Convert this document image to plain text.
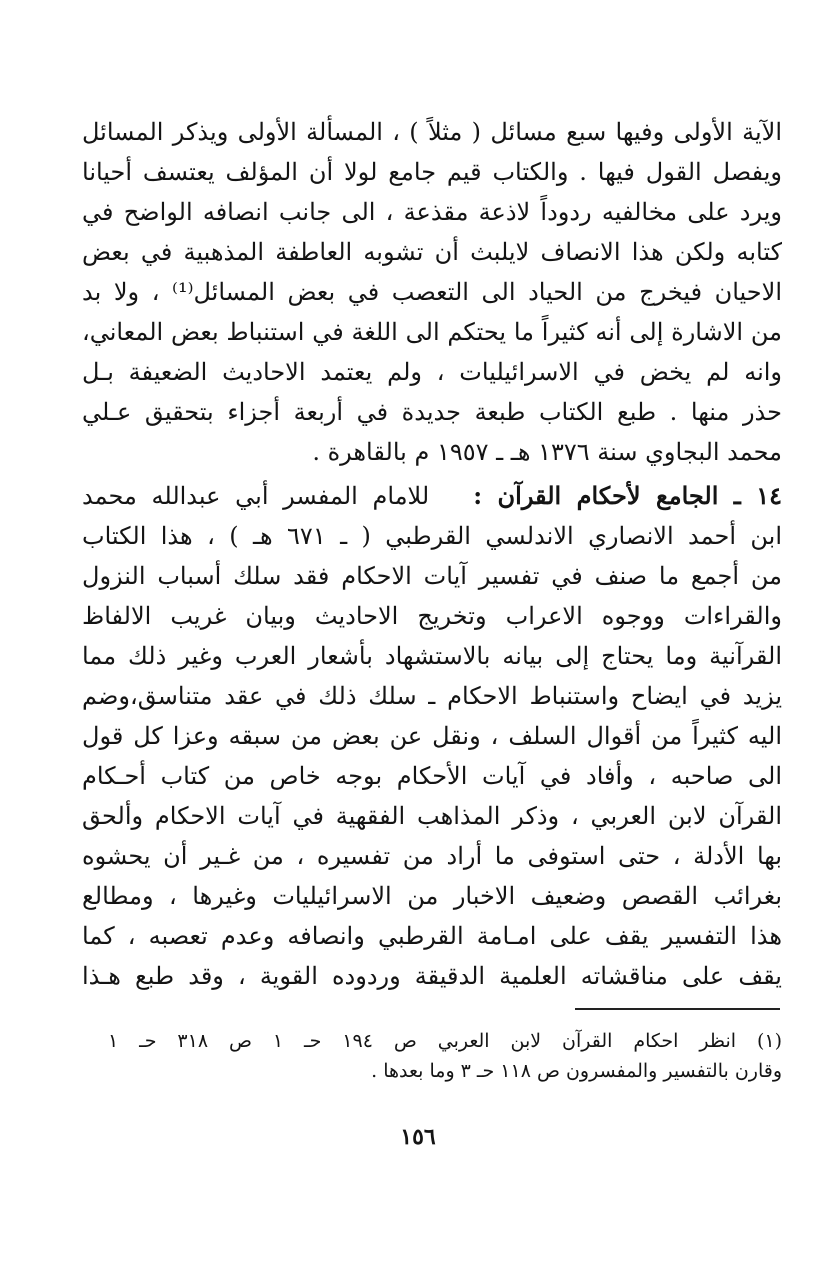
الآية الأولى وفيها سبع مسائل ( مثلاً ) ، المسألة الأولى ويذكر المسائل
ويفصل القول فيها . والكتاب قيم جامع لولا أن المؤلف يعتسف أحيانا
ويرد على مخالفيه ردوداً لاذعة مقذعة ، الى جانب انصافه الواضح في
كتابه ولكن هذا الانصاف لايلبث أن تشوبه العاطفة المذهبية في بعض
الاحيان فيخرج من الحياد الى التعصب في بعض المسائل⁽¹⁾ ، ولا بد
من الاشارة إلى أنه كثيراً ما يحتكم الى اللغة في استنباط بعض المعاني،
وانه لم يخض في الاسرائيليات ، ولم يعتمد الاحاديث الضعيفة بـل
حذر منها . طبع الكتاب طبعة جديدة في أربعة أجزاء بتحقيق عـلي
محمد البجاوي سنة ١٣٧٦ هـ ـ ١٩٥٧ م بالقاهرة .
١٤ ـ الجامع لأحكام القرآن :   للامام المفسر أبي عبدالله محمد
ابن أحمد الانصاري الاندلسي القرطبي ( ـ ٦٧١ هـ ) ، هذا الكتاب
من أجمع ما صنف في تفسير آيات الاحكام فقد سلك أسباب النزول
والقراءات ووجوه الاعراب وتخريج الاحاديث وبيان غريب الالفاظ
القرآنية وما يحتاج إلى بيانه بالاستشهاد بأشعار العرب وغير ذلك مما
يزيد في ايضاح واستنباط الاحكام ـ سلك ذلك في عقد متناسق،وضم
اليه كثيراً من أقوال السلف ، ونقل عن بعض من سبقه وعزا كل قول
الى صاحبه ، وأفاد في آيات الأحكام بوجه خاص من كتاب أحـكام
القرآن لابن العربي ، وذكر المذاهب الفقهية في آيات الاحكام وألحق
بها الأدلة ، حتى استوفى ما أراد من تفسيره ، من غـير أن يحشوه
بغرائب القصص وضعيف الاخبار من الاسرائيليات وغيرها ، ومطالع
هذا التفسير يقف على امـامة القرطبي وانصافه وعدم تعصبه ، كما
يقف على مناقشاته العلمية الدقيقة وردوده القوية ، وقد طبع هـذا
(١) انظر احكام القرآن لابن العربي ص ١٩٤ حـ ١ ص ٣١٨ حـ ١
وقارن بالتفسير والمفسرون ص ١١٨ حـ ٣ وما بعدها .
١٥٦
